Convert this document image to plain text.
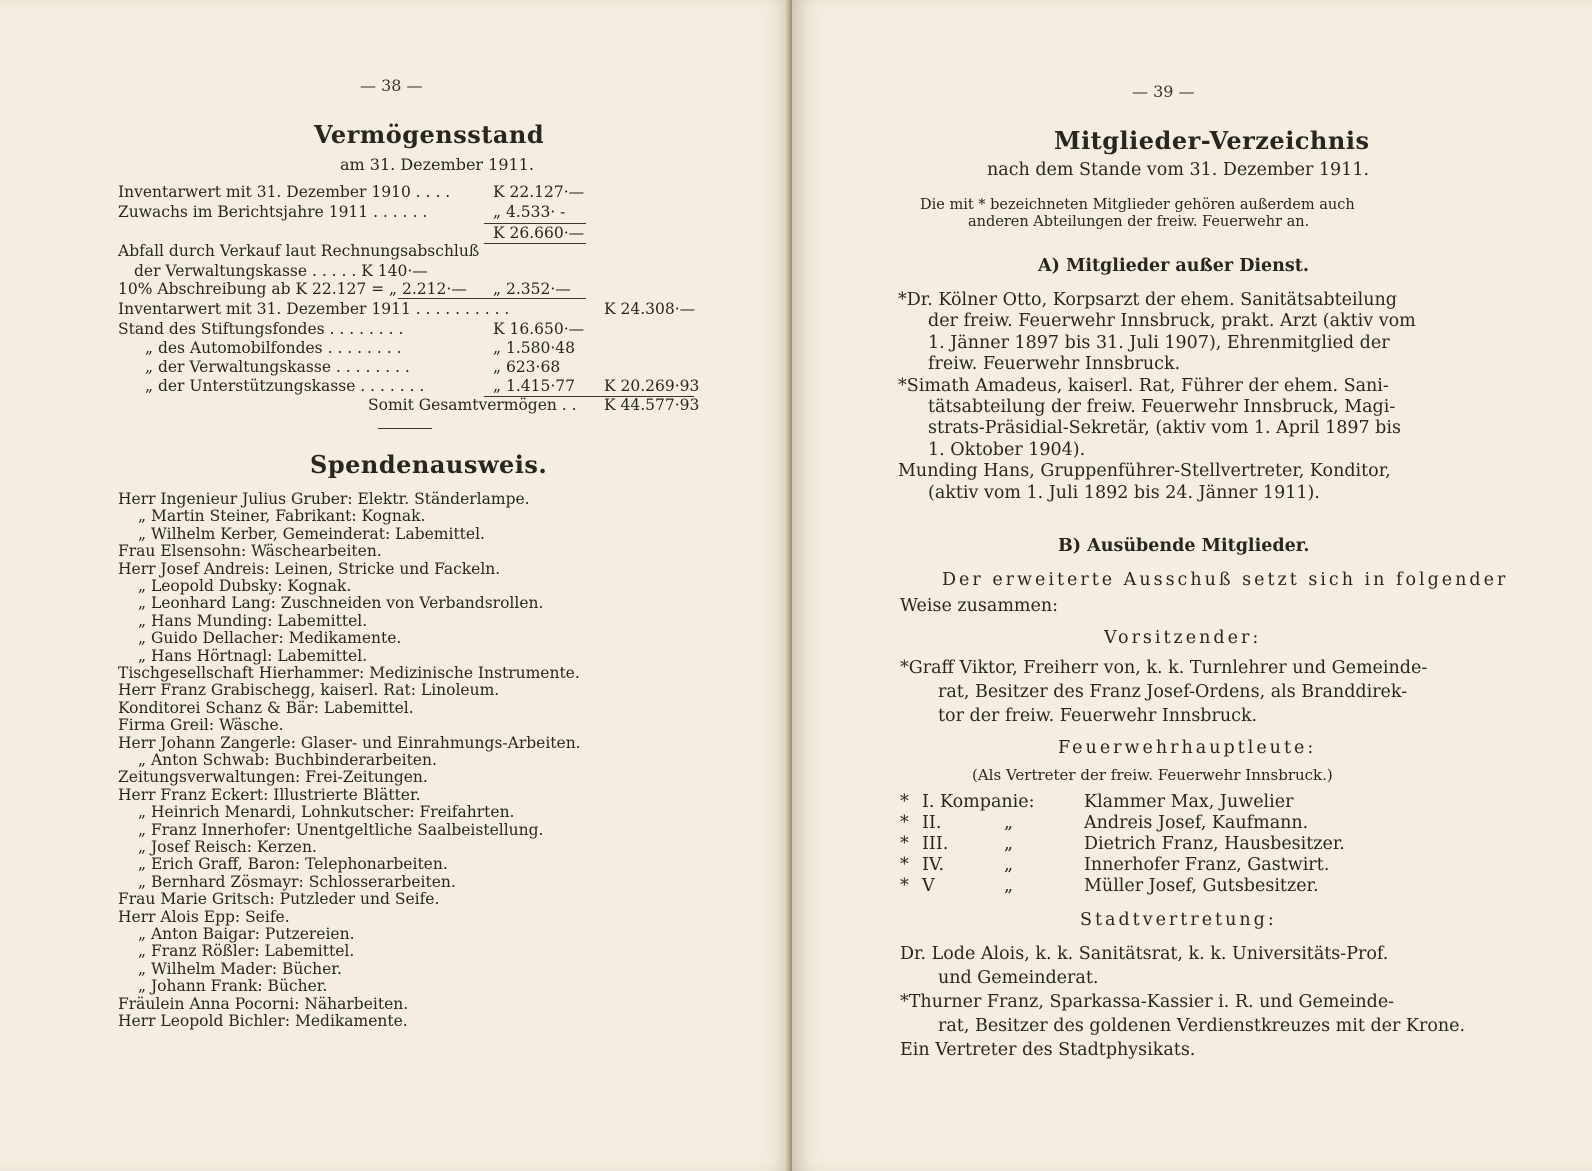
— 38 —
Vermögensstand
am 31. Dezember 1911.
Inventarwert mit 31. Dezember 1910 . . . .	K 22.127·—
Zuwachs im Berichtsjahre 1911 . . . . . .	„ 4.533· -
K 26.660·—
Abfall durch Verkauf laut Rechnungsabschluß
der Verwaltungskasse . . . . . K 140·—
10% Abschreibung ab K 22.127 = „ 2.212·— „ 2.352·—
Inventarwert mit 31. Dezember 1911 . . . . . . . . . .	K 24.308·—
Stand des Stiftungsfondes . . . . . . . .	K 16.650·—
„ des Automobilfondes . . . . . . . .	„ 1.580·48
„ der Verwaltungskasse . . . . . . . .	„ 623·68
„ der Unterstützungskasse . . . . . . .	„ 1.415·77 K 20.269·93
Somit Gesamtvermögen . . K 44.577·93
Spendenausweis.
Herr Ingenieur Julius Gruber: Elektr. Ständerlampe.
„ Martin Steiner, Fabrikant: Kognak.
„ Wilhelm Kerber, Gemeinderat: Labemittel.
Frau Elsensohn: Wäschearbeiten.
Herr Josef Andreis: Leinen, Stricke und Fackeln.
„ Leopold Dubsky: Kognak.
„ Leonhard Lang: Zuschneiden von Verbandsrollen.
„ Hans Munding: Labemittel.
„ Guido Dellacher: Medikamente.
„ Hans Hörtnagl: Labemittel.
Tischgesellschaft Hierhammer: Medizinische Instrumente.
Herr Franz Grabischegg, kaiserl. Rat: Linoleum.
Konditorei Schanz & Bär: Labemittel.
Firma Greil: Wäsche.
Herr Johann Zangerle: Glaser- und Einrahmungs-Arbeiten.
„ Anton Schwab: Buchbinderarbeiten.
Zeitungsverwaltungen: Frei-Zeitungen.
Herr Franz Eckert: Illustrierte Blätter.
„ Heinrich Menardi, Lohnkutscher: Freifahrten.
„ Franz Innerhofer: Unentgeltliche Saalbeistellung.
„ Josef Reisch: Kerzen.
„ Erich Graff, Baron: Telephonarbeiten.
„ Bernhard Zösmayr: Schlosserarbeiten.
Frau Marie Gritsch: Putzleder und Seife.
Herr Alois Epp: Seife.
„ Anton Baigar: Putzereien.
„ Franz Rößler: Labemittel.
„ Wilhelm Mader: Bücher.
„ Johann Frank: Bücher.
Fräulein Anna Pocorni: Näharbeiten.
Herr Leopold Bichler: Medikamente.
— 39 —
Mitglieder-Verzeichnis
nach dem Stande vom 31. Dezember 1911.
Die mit * bezeichneten Mitglieder gehören außerdem auch
anderen Abteilungen der freiw. Feuerwehr an.
A) Mitglieder außer Dienst.
*Dr. Kölner Otto, Korpsarzt der ehem. Sanitätsabteilung
der freiw. Feuerwehr Innsbruck, prakt. Arzt (aktiv vom
1. Jänner 1897 bis 31. Juli 1907), Ehrenmitglied der
freiw. Feuerwehr Innsbruck.
*Simath Amadeus, kaiserl. Rat, Führer der ehem. Sani-
tätsabteilung der freiw. Feuerwehr Innsbruck, Magi-
strats-Präsidial-Sekretär, (aktiv vom 1. April 1897 bis
1. Oktober 1904).
Munding Hans, Gruppenführer-Stellvertreter, Konditor,
(aktiv vom 1. Juli 1892 bis 24. Jänner 1911).
B) Ausübende Mitglieder.
Der erweiterte Ausschuß setzt sich in folgender
Weise zusammen:
Vorsitzender:
*Graff Viktor, Freiherr von, k. k. Turnlehrer und Gemeinde-
rat, Besitzer des Franz Josef-Ordens, als Branddirek-
tor der freiw. Feuerwehr Innsbruck.
Feuerwehrhauptleute:
(Als Vertreter der freiw. Feuerwehr Innsbruck.)
* I. Kompanie:	Klammer Max, Juwelier
* II.	„	Andreis Josef, Kaufmann.
* III.	„	Dietrich Franz, Hausbesitzer.
* IV.	„	Innerhofer Franz, Gastwirt.
* V	„	Müller Josef, Gutsbesitzer.
Stadtvertretung:
Dr. Lode Alois, k. k. Sanitätsrat, k. k. Universitäts-Prof.
und Gemeinderat.
*Thurner Franz, Sparkassa-Kassier i. R. und Gemeinde-
rat, Besitzer des goldenen Verdienstkreuzes mit der Krone.
Ein Vertreter des Stadtphysikats.
